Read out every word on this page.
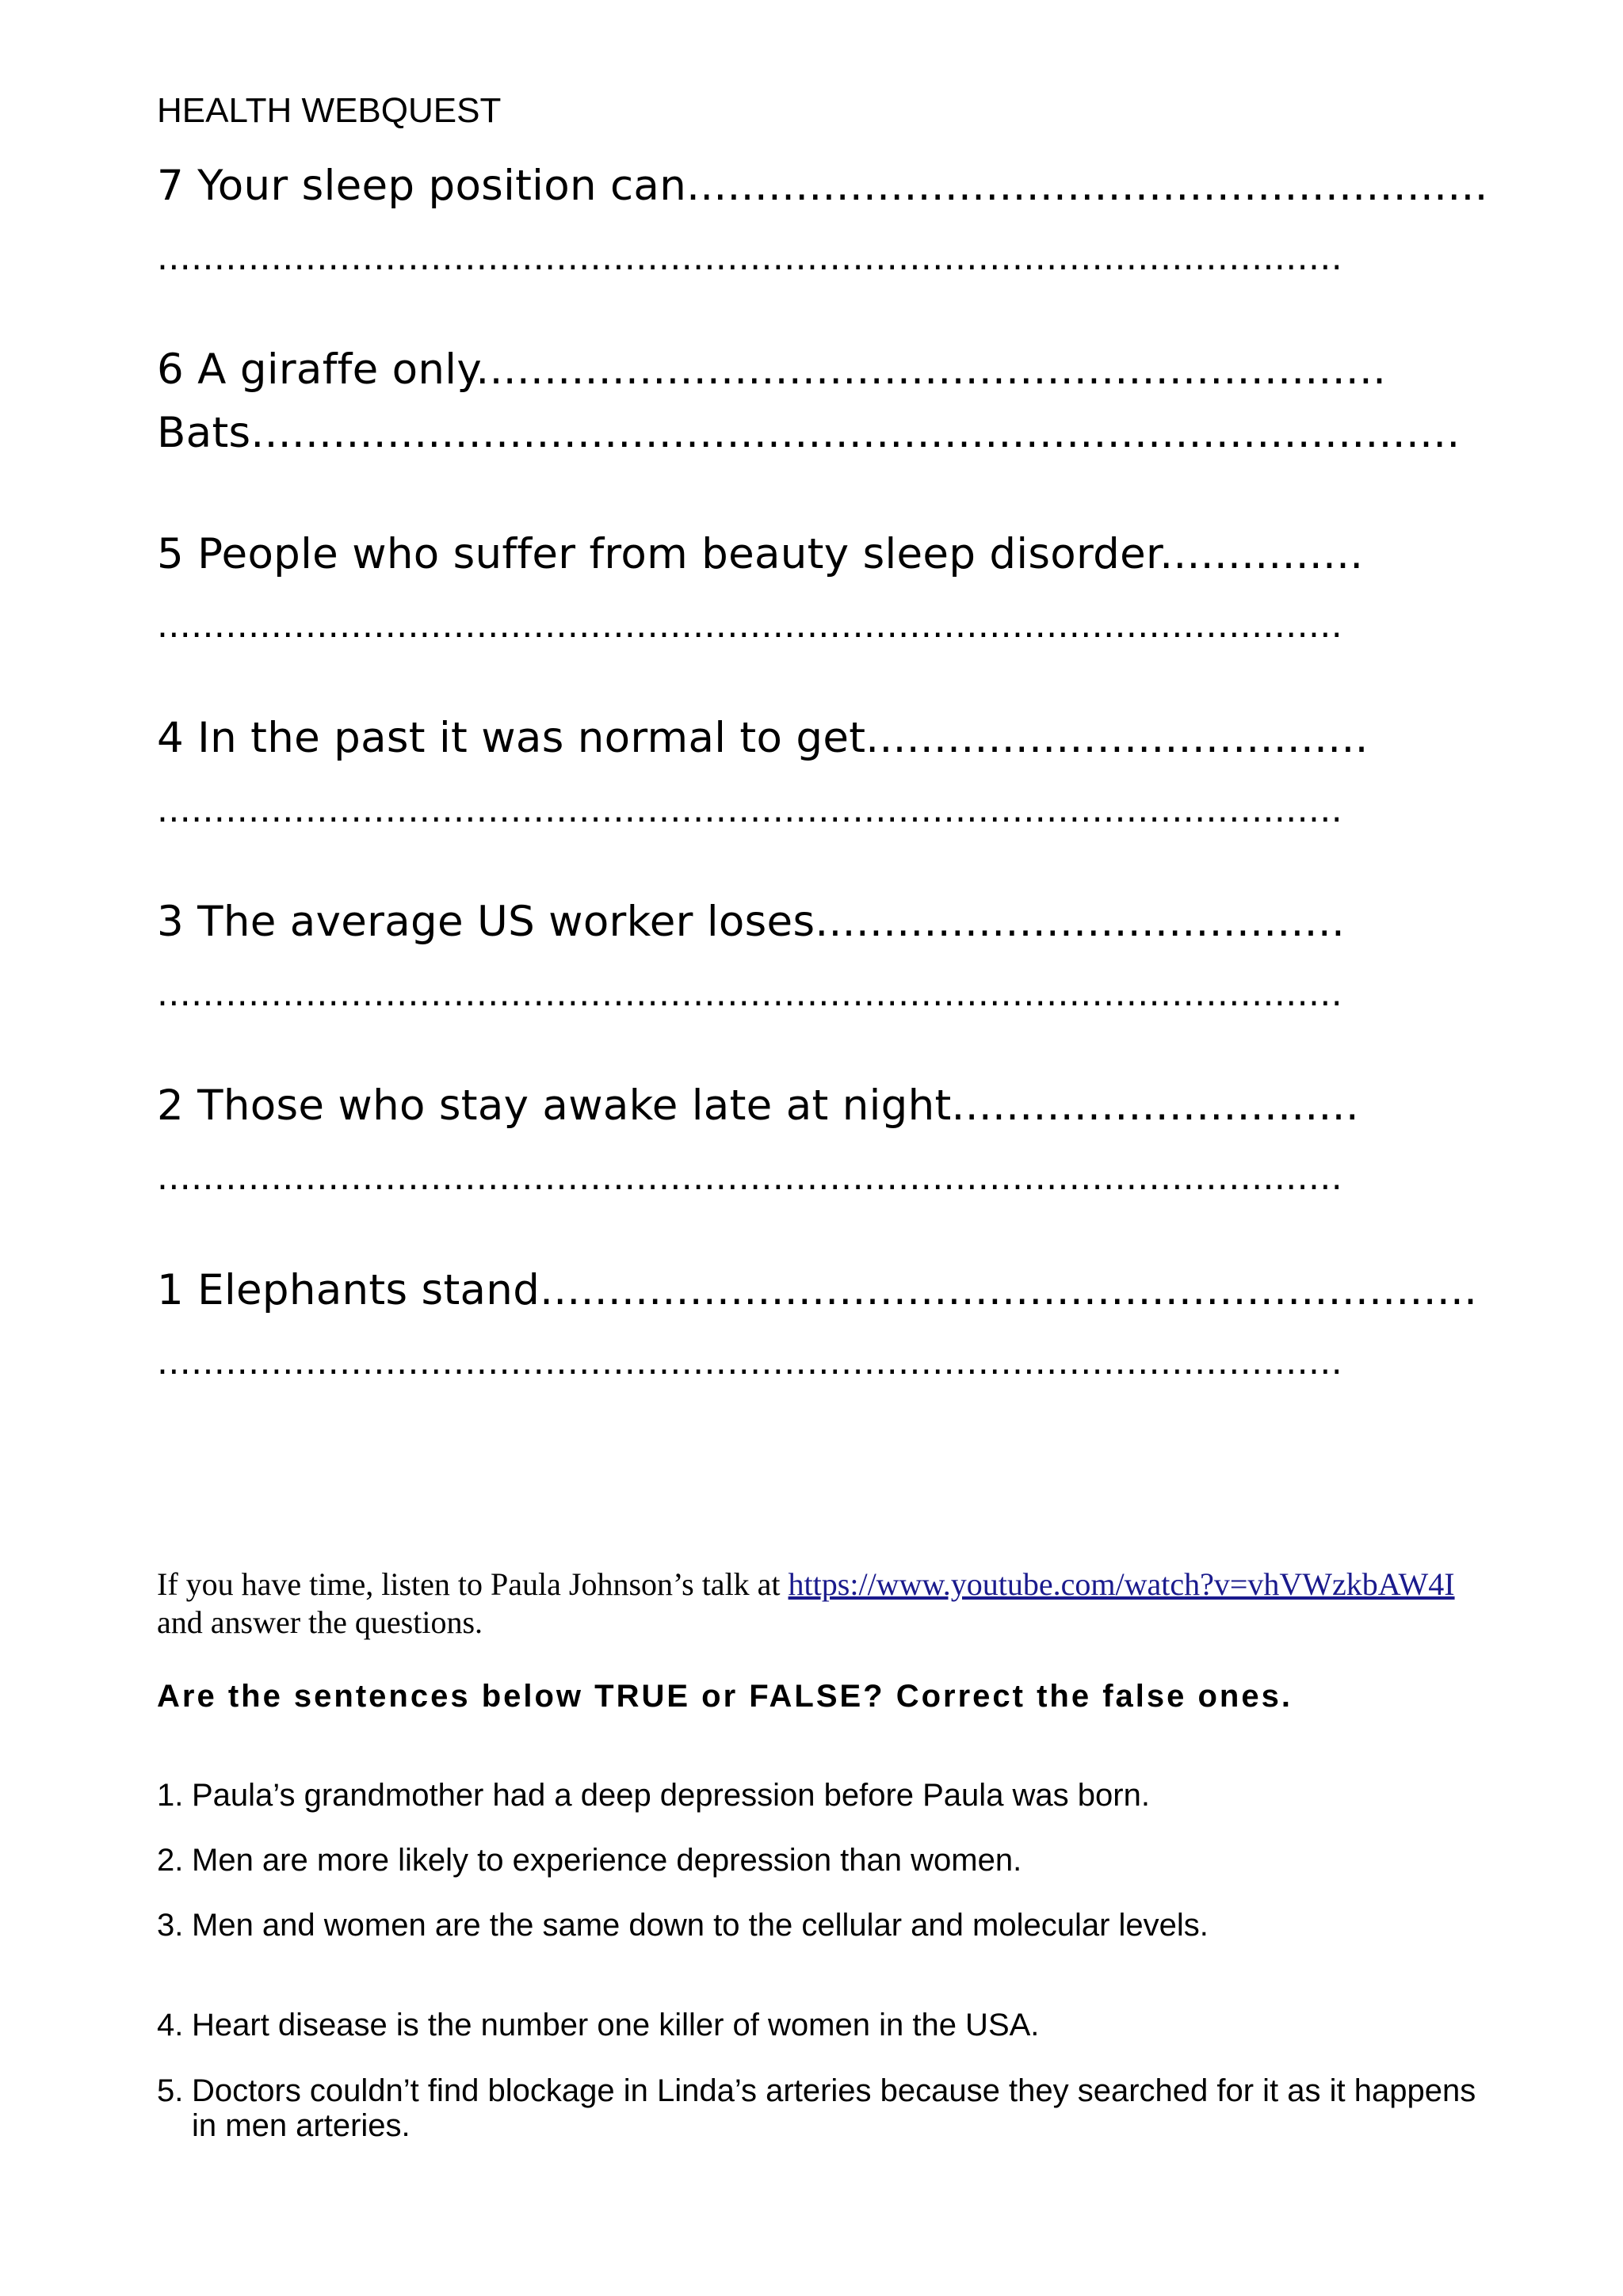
HEALTH WEBQUEST
7 Your sleep position can...........................................................
........................................................................................................
6 A giraffe only...................................................................
Bats.........................................................................................
5 People who suffer from beauty sleep disorder...............
........................................................................................................
4 In the past it was normal to get.....................................
........................................................................................................
3 The average US worker loses.......................................
........................................................................................................
2 Those who stay awake late at night..............................
........................................................................................................
1 Elephants stand.....................................................................
........................................................................................................
If you have time, listen to Paula Johnson’s talk at https://www.youtube.com/watch?v=vhVWzkbAW4I and answer the questions.
Are the sentences below TRUE or FALSE? Correct the false ones.
1. Paula’s grandmother had a deep depression before Paula was born.
2. Men are more likely to experience depression than women.
3. Men and women are the same down to the cellular and molecular levels.
4. Heart disease is the number one killer of women in the USA.
5. Doctors couldn’t find blockage in Linda’s arteries because they searched for it as it happens in men arteries.
